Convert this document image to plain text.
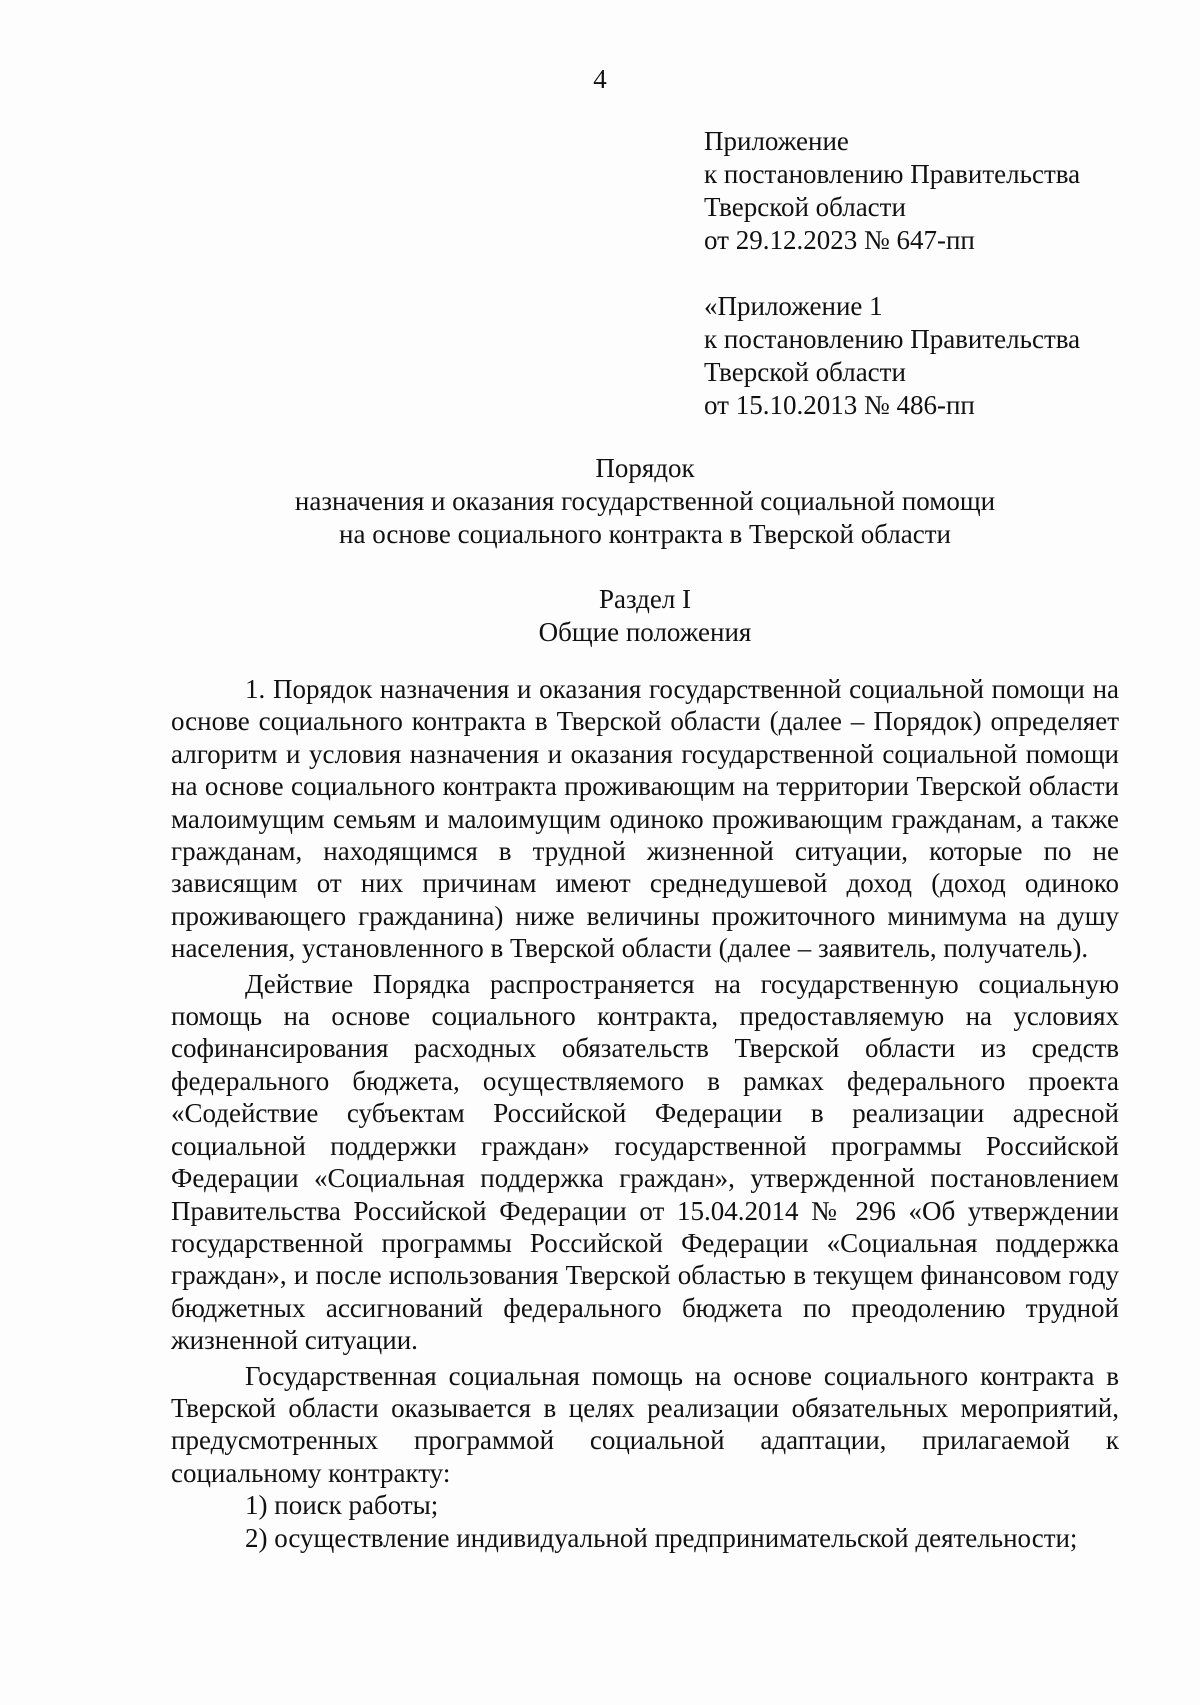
4
Приложение
к постановлению Правительства
Тверской области
от 29.12.2023 № 647-пп
«Приложение 1
к постановлению Правительства
Тверской области
от 15.10.2013 № 486-пп
Порядок
назначения и оказания государственной социальной помощи
на основе социального контракта в Тверской области
Раздел I
Общие положения

1. Порядок назначения и оказания государственной социальной помощи на основе социального контракта в Тверской области (далее – Порядок) определяет алгоритм и условия назначения и оказания государственной социальной помощи на основе социального контракта проживающим на территории Тверской области малоимущим семьям и малоимущим одиноко проживающим гражданам, а также гражданам, находящимся в трудной жизненной ситуации, которые по не зависящим от них причинам имеют среднедушевой доход (доход одиноко проживающего гражданина) ниже величины прожиточного минимума на душу населения, установленного в Тверской области (далее – заявитель, получатель).

Действие Порядка распространяется на государственную социальную помощь на основе социального контракта, предоставляемую на условиях софинансирования расходных обязательств Тверской области из средств федерального бюджета, осуществляемого в рамках федерального проекта «Содействие субъектам Российской Федерации в реализации адресной социальной поддержки граждан» государственной программы Российской Федерации «Социальная поддержка граждан», утвержденной постановлением Правительства Российской Федерации от 15.04.2014 № 296 «Об утверждении государственной программы Российской Федерации «Социальная поддержка граждан», и после использования Тверской областью в текущем финансовом году бюджетных ассигнований федерального бюджета по преодолению трудной жизненной ситуации.

Государственная социальная помощь на основе социального контракта в Тверской области оказывается в целях реализации обязательных мероприятий, предусмотренных программой социальной адаптации, прилагаемой к социальному контракту:

1) поиск работы;
2) осуществление индивидуальной предпринимательской деятельности;
